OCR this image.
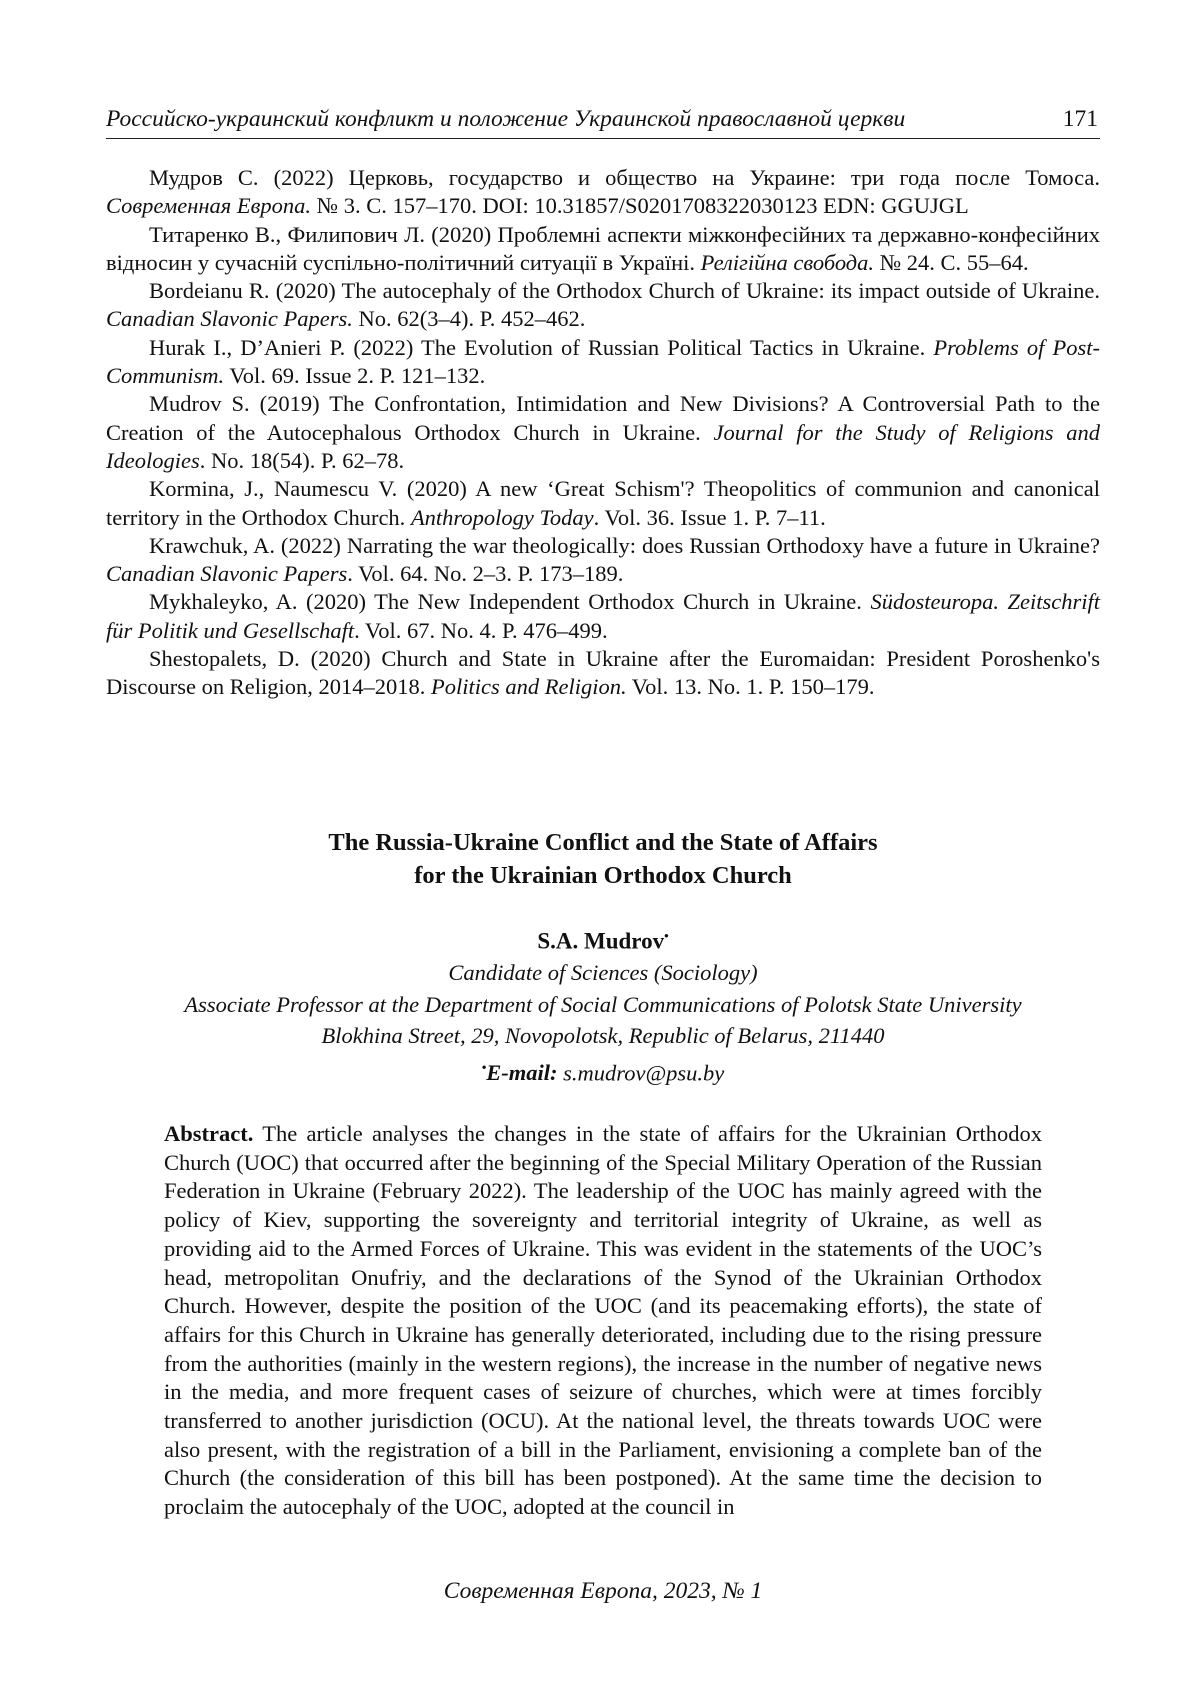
Российско-украинский конфликт и положение Украинской православной церкви	171

Мудров С. (2022) Церковь, государство и общество на Украине: три года после Томоса. Современная Европа. № 3. С. 157–170. DOI: 10.31857/S0201708322030123 EDN: GGUJGL

Титаренко В., Филипович Л. (2020) Проблемні аспекти міжконфесійних та державно-конфесійних відносин у сучасній суспільно-політичний ситуації в Україні. Релігійна свобода. № 24. С. 55–64.

Bordeianu R. (2020) The autocephaly of the Orthodox Church of Ukraine: its impact outside of Ukraine. Canadian Slavonic Papers. No. 62(3–4). P. 452–462.

Hurak I., D’Anieri P. (2022) The Evolution of Russian Political Tactics in Ukraine. Problems of Post-Communism. Vol. 69. Issue 2. P. 121–132.

Mudrov S. (2019) The Confrontation, Intimidation and New Divisions? A Controversial Path to the Creation of the Autocephalous Orthodox Church in Ukraine. Journal for the Study of Religions and Ideologies. No. 18(54). P. 62–78.

Kormina, J., Naumescu V. (2020) A new ‘Great Schism'? Theopolitics of communion and canonical territory in the Orthodox Church. Anthropology Today. Vol. 36. Issue 1. P. 7–11.

Krawchuk, A. (2022) Narrating the war theologically: does Russian Orthodoxy have a future in Ukraine? Canadian Slavonic Papers. Vol. 64. No. 2–3. P. 173–189.

Mykhaleyko, A. (2020) The New Independent Orthodox Church in Ukraine. Südosteuropa. Zeitschrift für Politik und Gesellschaft. Vol. 67. No. 4. P. 476–499.

Shestopalets, D. (2020) Church and State in Ukraine after the Euromaidan: President Poroshenko's Discourse on Religion, 2014–2018. Politics and Religion. Vol. 13. No. 1. P. 150–179.

The Russia-Ukraine Conflict and the State of Affairs
for the Ukrainian Orthodox Church
S.A. Mudrov•
Candidate of Sciences (Sociology)
Associate Professor at the Department of Social Communications of Polotsk State University
Blokhina Street, 29, Novopolotsk, Republic of Belarus, 211440
•E-mail: s.mudrov@psu.by
Abstract. The article analyses the changes in the state of affairs for the Ukrainian Orthodox Church (UOC) that occurred after the beginning of the Special Military Operation of the Russian Federation in Ukraine (February 2022). The leadership of the UOC has mainly agreed with the policy of Kiev, supporting the sovereignty and territorial integrity of Ukraine, as well as providing aid to the Armed Forces of Ukraine. This was evident in the statements of the UOC’s head, metropolitan Onufriy, and the declarations of the Synod of the Ukrainian Orthodox Church. However, despite the position of the UOC (and its peacemaking efforts), the state of affairs for this Church in Ukraine has generally deteriorated, including due to the rising pressure from the authorities (mainly in the western regions), the increase in the number of negative news in the media, and more frequent cases of seizure of churches, which were at times forcibly transferred to another jurisdiction (OCU). At the national level, the threats towards UOC were also present, with the registration of a bill in the Parliament, envisioning a complete ban of the Church (the consideration of this bill has been postponed). At the same time the decision to proclaim the autocephaly of the UOC, adopted at the council in
Современная Европа, 2023, № 1
